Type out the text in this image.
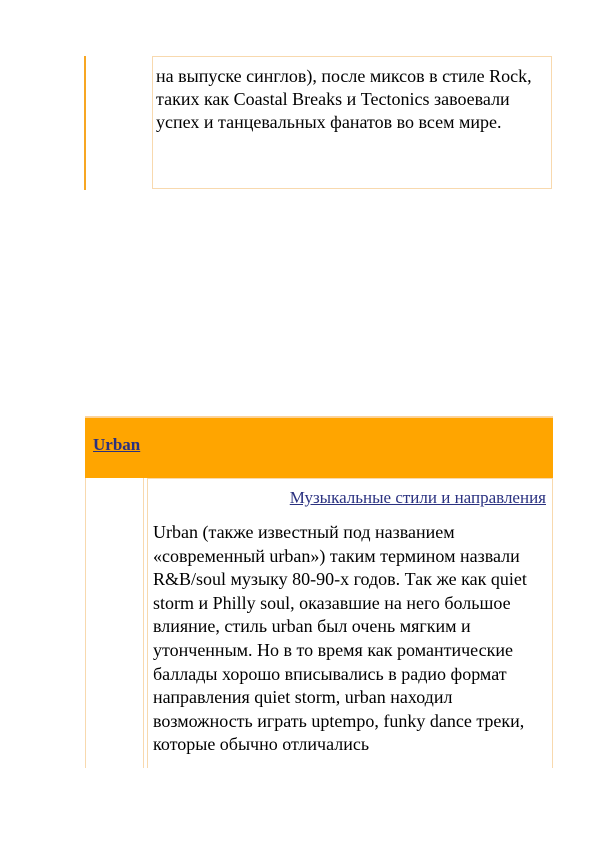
на выпуске синглов), после миксов в стиле Rock, таких как Coastal Breaks и Tectonics завоевали успех и танцевальных фанатов во всем мире.
Urban
Музыкальные стили и направления
Urban (также известный под названием «современный urban») таким термином назвали R&B/soul музыку 80-90-х годов. Так же как quiet storm и Philly soul, оказавшие на него большое влияние, стиль urban был очень мягким и утонченным. Но в то время как романтические баллады хорошо вписывались в радио формат направления quiet storm, urban находил возможность играть uptempo, funky dance треки, которые обычно отличались
